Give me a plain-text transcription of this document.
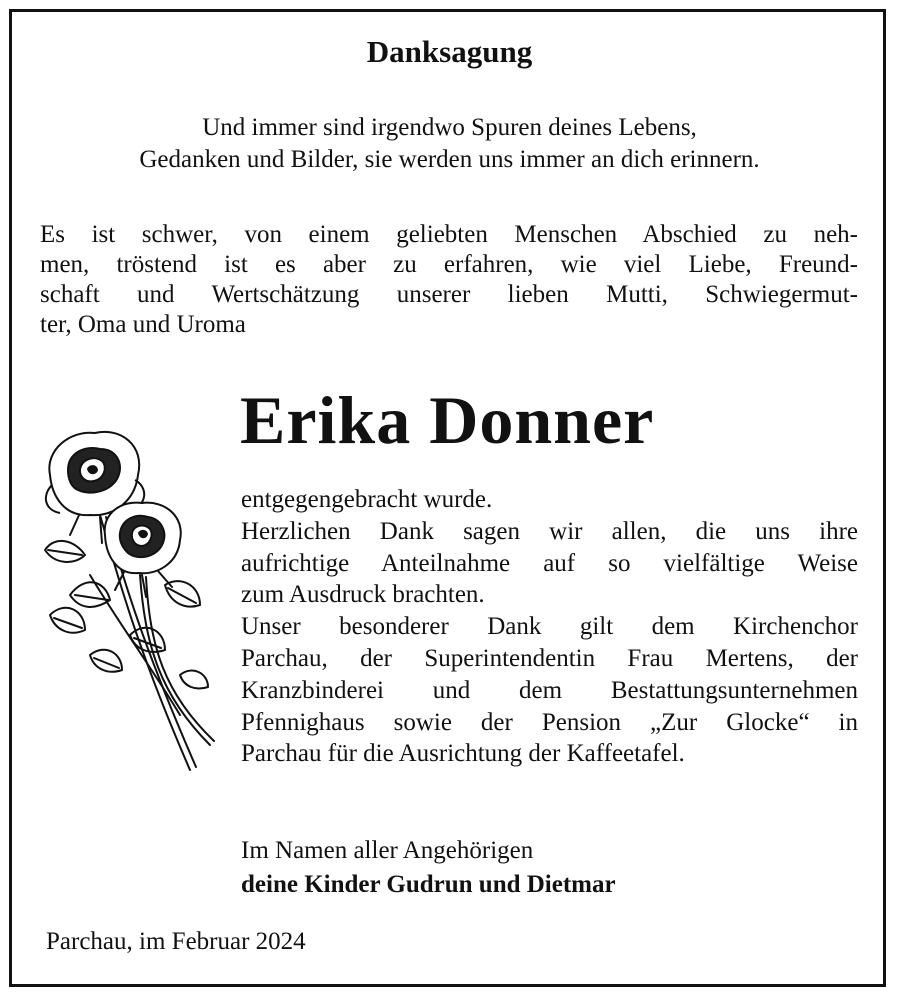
Danksagung
Und immer sind irgendwo Spuren deines Lebens,
Gedanken und Bilder, sie werden uns immer an dich erinnern.
Es ist schwer, von einem geliebten Menschen Abschied zu neh-
men, tröstend ist es aber zu erfahren, wie viel Liebe, Freund-
schaft und Wertschätzung unserer lieben Mutti, Schwiegermut-
ter, Oma und Uroma
Erika Donner
entgegengebracht wurde.
Herzlichen Dank sagen wir allen, die uns ihre
aufrichtige Anteilnahme auf so vielfältige Weise
zum Ausdruck brachten.
Unser besonderer Dank gilt dem Kirchenchor
Parchau, der Superintendentin Frau Mertens, der
Kranzbinderei und dem Bestattungsunternehmen
Pfennighaus sowie der Pension „Zur Glocke“ in
Parchau für die Ausrichtung der Kaffeetafel.
Im Namen aller Angehörigen
deine Kinder Gudrun und Dietmar
Parchau, im Februar 2024
